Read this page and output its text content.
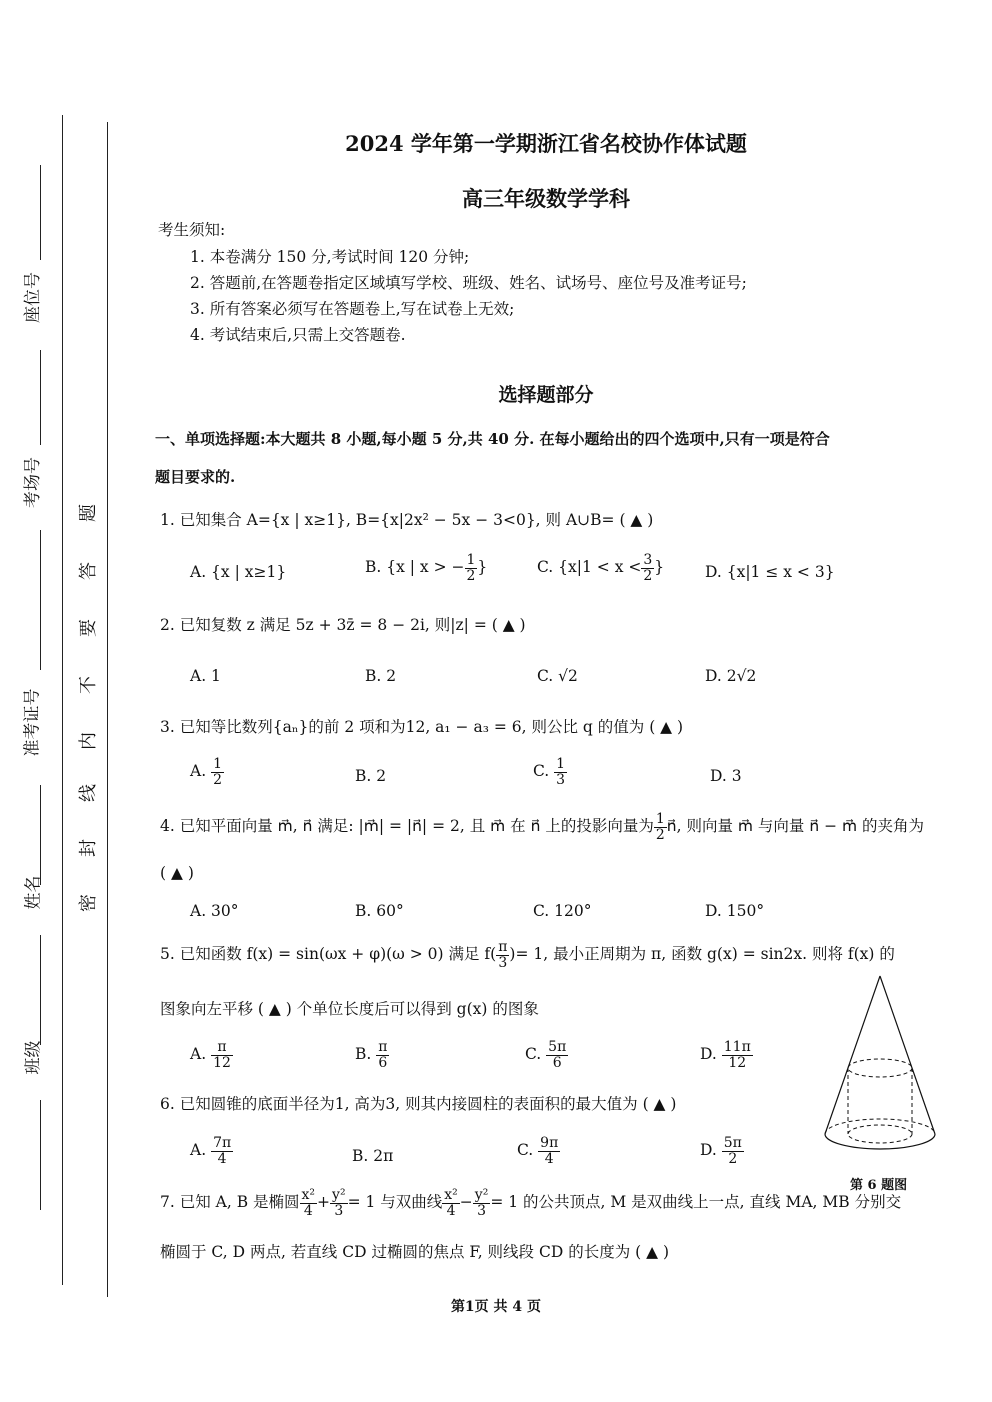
座位号
考场号
准考证号
姓名
班级
题
答
要
不
内
线
封
密
2024 学年第一学期浙江省名校协作体试题
高三年级数学学科
考生须知:
1. 本卷满分 150 分,考试时间 120 分钟;
2. 答题前,在答题卷指定区域填写学校、班级、姓名、试场号、座位号及准考证号;
3. 所有答案必须写在答题卷上,写在试卷上无效;
4. 考试结束后,只需上交答题卷.
选择题部分
一、单项选择题:本大题共 8 小题,每小题 5 分,共 40 分. 在每小题给出的四个选项中,只有一项是符合
题目要求的.
1. 已知集合 A={x | x≥1}, B={x|2x² − 5x − 3<0}, 则 A∪B= ( ▲ )
A. {x | x≥1}	B. {x | x > − $\frac{1}{2}$ }	C. {$x|1 < x < \frac{3}{2}$ }	D. {x|1 ≤ x < 3}
2. 已知复数 z 满足 5z + 3z̄ = 8 − 2i, 则|z| = ( ▲ )
A. 1	B. 2	C. √2	D. 2√2
3. 已知等比数列{aₙ}的前 2 项和为12, a₁ − a₃ = 6, 则公比 q 的值为 ( ▲ )
A. $\frac{1}{2}$	B. 2	C. $\frac{1}{3}$	D. 3
4. 已知平面向量 m⃗, n⃗ 满足: |m⃗| = |n⃗| = 2, 且 m⃗ 在 n⃗ 上的投影向量为 $\frac{1}{2}$ n⃗, 则向量 m⃗ 与向量 n⃗ − m⃗ 的夹角为
( ▲ )
A. 30°	B. 60°	C. 120°	D. 150°
5. 已知函数 f(x) = sin(ωx + φ)(ω > 0) 满足 $f( \frac{\pi}{3}$ )= 1, 最小正周期为 π, 函数 g(x) = sin2x. 则将 f(x) 的
图象向左平移 ( ▲ ) 个单位长度后可以得到 g(x) 的图象
A. $\frac{\pi}{12}$	B. $\frac{\pi}{6}$	C. $\frac{5\pi}{6}$	D. $\frac{11\pi}{12}$
6. 已知圆锥的底面半径为1, 高为3, 则其内接圆柱的表面积的最大值为 ( ▲ )
A. $\frac{7\pi}{4}$	B. 2π	C. $\frac{9\pi}{4}$	D. $\frac{5\pi}{2}$
第 6 题图
7. 已知 A, B 是椭圆 $\frac{\text{x²}}{4} + \frac{\text{y²}}{3} = 1$ 与双曲线 $\frac{\text{x²}}{4} - \frac{\text{y²}}{3} = 1$ 的公共顶点, M 是双曲线上一点, 直线 MA, MB 分别交
椭圆于 C, D 两点, 若直线 CD 过椭圆的焦点 F, 则线段 CD 的长度为 ( ▲ )
第1页 共 4 页
